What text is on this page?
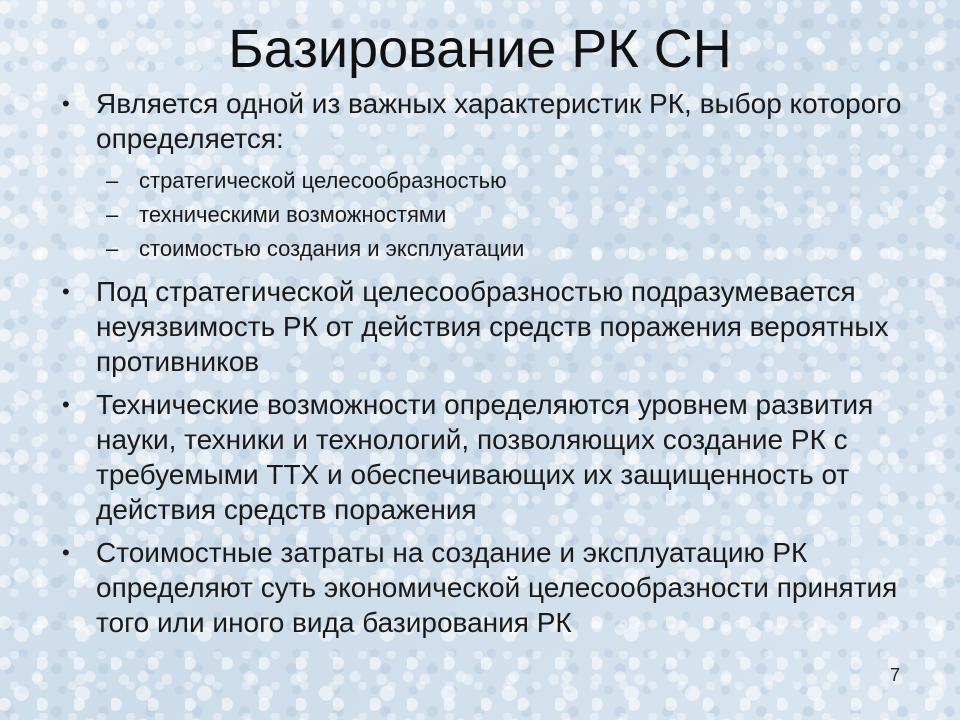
Базирование РК СН
• Является одной из важных характеристик РК, выбор которого определяется:
– стратегической целесообразностью
– техническими возможностями
– стоимостью создания и эксплуатации
• Под стратегической целесообразностью подразумевается неуязвимость РК от действия средств поражения вероятных противников
• Технические возможности определяются уровнем развития науки, техники и технологий, позволяющих создание РК с требуемыми ТТХ и обеспечивающих их защищенность от действия средств поражения
• Стоимостные затраты на создание и эксплуатацию РК определяют суть экономической целесообразности принятия того или иного вида базирования РК
7
